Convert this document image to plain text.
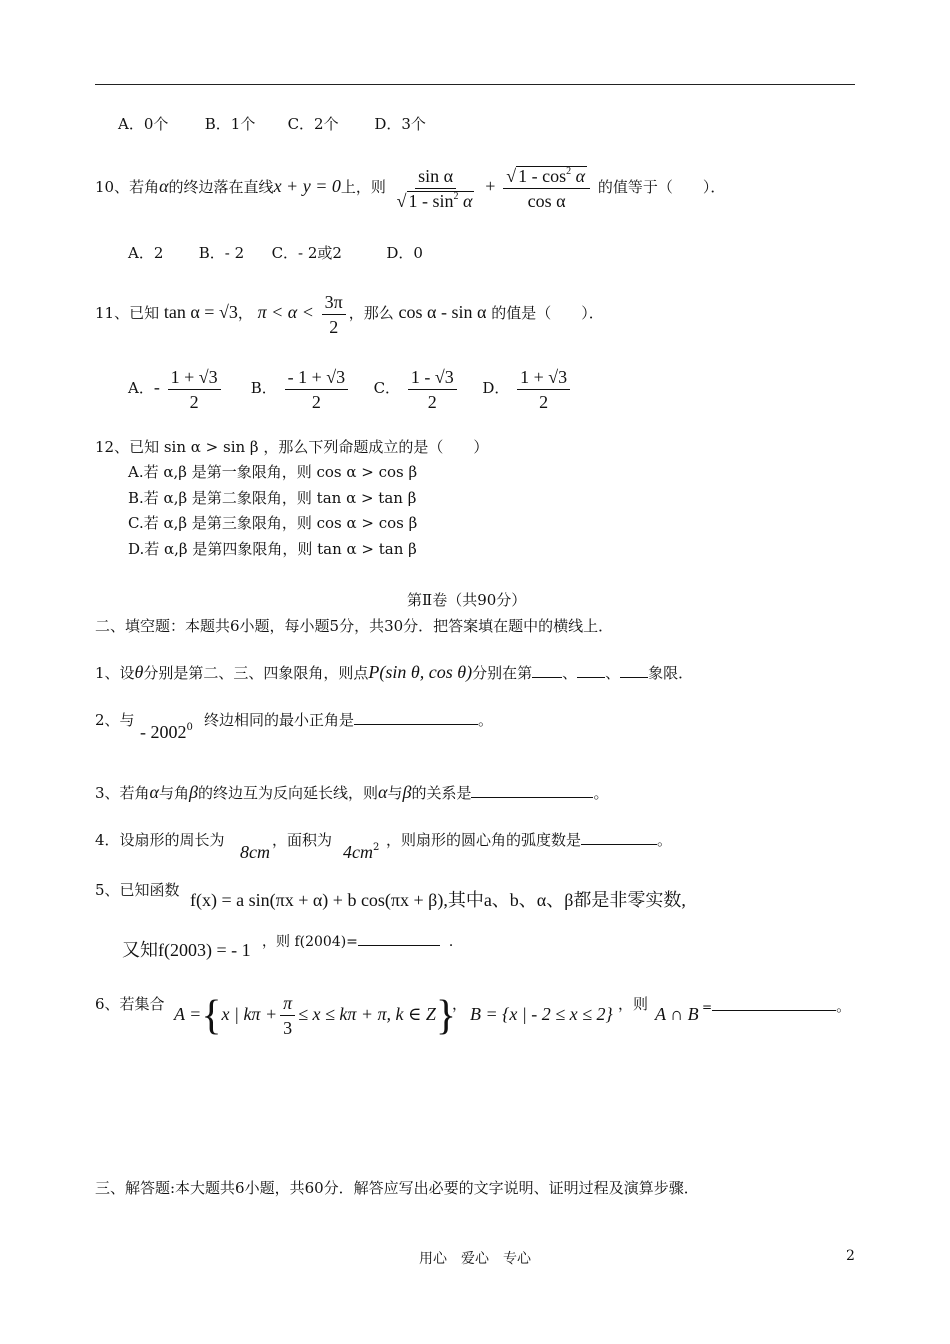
A．0个 B．1个 C．2个 D．3个
10、若角α的终边落在直线x + y = 0上，则 $\frac{\text{sin α}}{√ 1 - \sin^2 \alpha} + \frac{√ 1 - \cos^2 \alpha}{\text{cos α}}$ 的值等于（　　）．
A．2 B．- 2 C．- 2或2	D．0
11、已知 tan α = √3， $\pi < \alpha < \frac{3\pi}{2}$ ，那么 cos α - sin α 的值是（　　）．
A．- $\frac{1 + √3}{2}$ B． $\frac{- 1 + √3}{2}$ C． $\frac{1 - √3}{2}$ D． $\frac{1 + √3}{2}$
12、已知 sin α > sin β ，那么下列命题成立的是（　　）
A.若 α,β 是第一象限角，则 cos α > cos β
B.若 α,β 是第二象限角，则 tan α > tan β
C.若 α,β 是第三象限角，则 cos α > cos β
D.若 α,β 是第四象限角，则 tan α > tan β
第Ⅱ卷（共90分）
二、填空题：本题共6小题，每小题5分，共30分．把答案填在题中的横线上．
1、设θ分别是第二、三、四象限角，则点P(sin θ, cos θ)分别在第 、 、 象限．
2、与
- 2002$^0$ 终边相同的最小正角是	。
3、若角α与角β的终边互为反向延长线，则α与β的关系是	。
4．设扇形的周长为
8cm
，面积为
$4cm^2$ ，则扇形的圆心角的弧度数是	。
5、已知函数 f(x) = a sin(πx + α) + b cos(πx + β),其中a、b、α、β都是非零实数,
又知f(2003) = - 1 ，则 f(2004)=	．
6、若集合 A ={x | $k\pi + \frac{\pi}{3} \le x \le k\pi + \pi$, k ∈ Z}
， B = {x | - 2 ≤ x ≤ 2} ，则 A ∩ B =	。
三、解答题:本大题共6小题，共60分．解答应写出必要的文字说明、证明过程及演算步骤．
用心　爱心　专心	2
